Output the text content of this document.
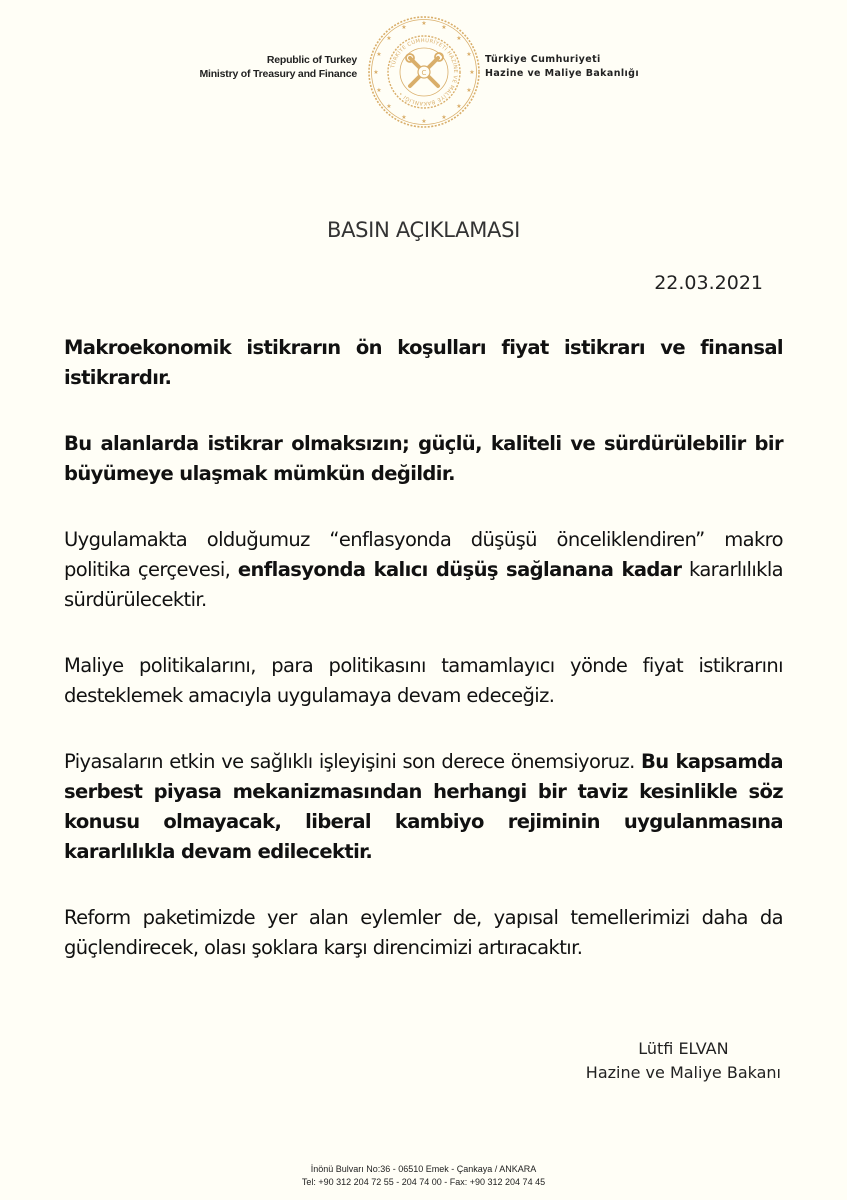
Republic of Turkey
Ministry of Treasury and Finance
★
★
★
★
★
★
★
★
★
★
★
★
★
★
★
★
TÜRKİYE CUMHURİYETİ HAZİNE VE MALİYE BAKANLIĞI •
C
Türkiye Cumhuriyeti
Hazine ve Maliye Bakanlığı
BASIN AÇIKLAMASI
22.03.2021

Makroekonomik istikrarın ön koşulları fiyat istikrarı ve finansal istikrardır.

Bu alanlarda istikrar olmaksızın; güçlü, kaliteli ve sürdürülebilir bir büyümeye ulaşmak mümkün değildir.

Uygulamakta olduğumuz “enflasyonda düşüşü önceliklendiren” makro politika çerçevesi, enflasyonda kalıcı düşüş sağlanana kadar kararlılıkla sürdürülecektir.

Maliye politikalarını, para politikasını tamamlayıcı yönde fiyat istikrarını desteklemek amacıyla uygulamaya devam edeceğiz.

Piyasaların etkin ve sağlıklı işleyişini son derece önemsiyoruz. Bu kapsamda serbest piyasa mekanizmasından herhangi bir taviz kesinlikle söz konusu olmayacak, liberal kambiyo rejiminin uygulanmasına kararlılıkla devam edilecektir.

Reform paketimizde yer alan eylemler de, yapısal temellerimizi daha da güçlendirecek, olası şoklara karşı direncimizi artıracaktır.

Lütfi ELVAN
Hazine ve Maliye Bakanı
İnönü Bulvarı No:36 - 06510 Emek - Çankaya / ANKARA
Tel: +90 312 204 72 55 - 204 74 00 - Fax: +90 312 204 74 45
